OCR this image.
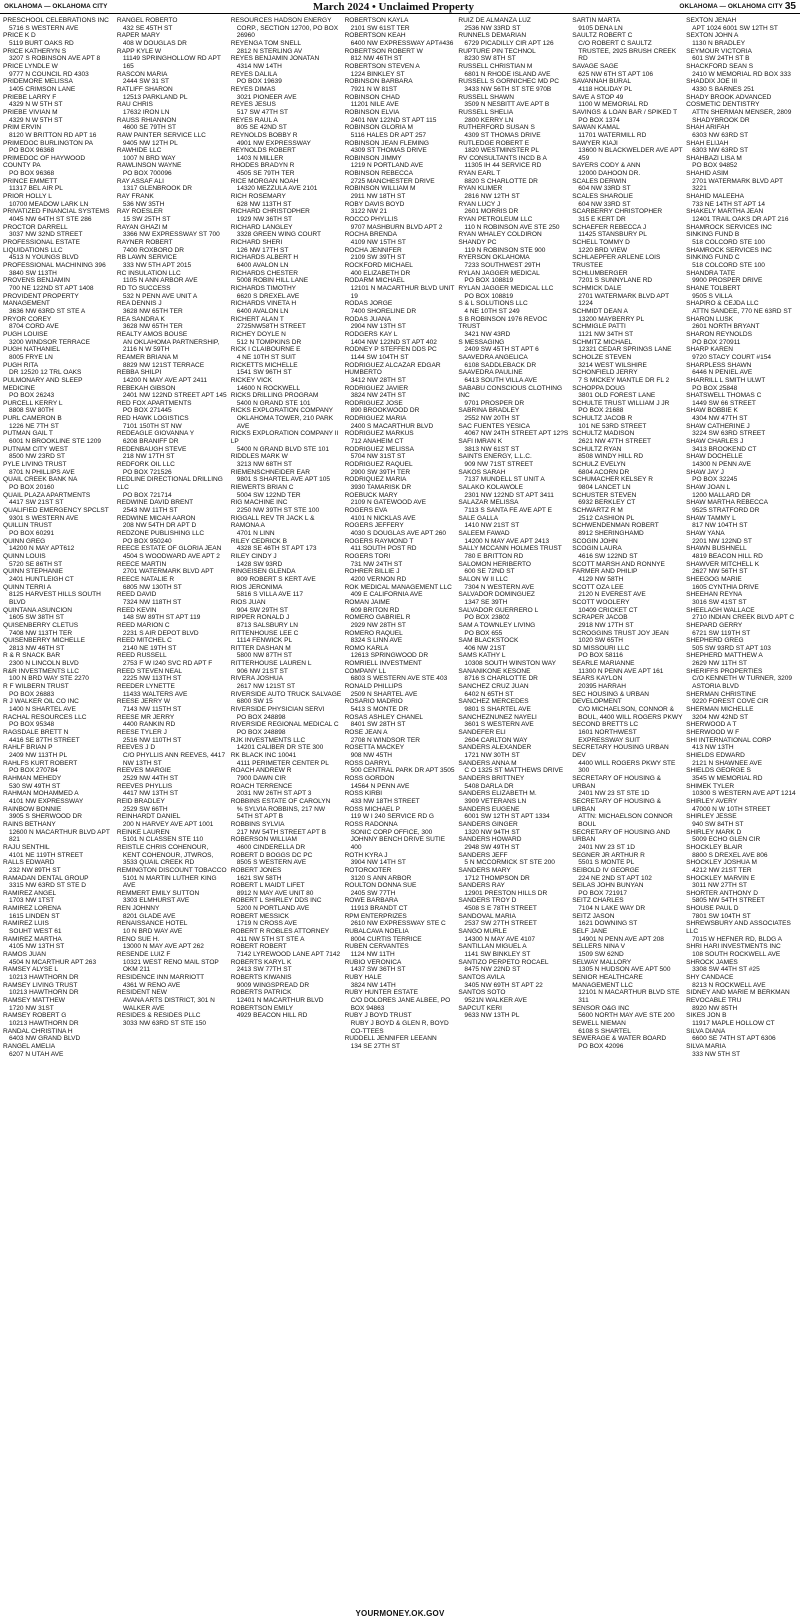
OKLAHOMA — OKLAHOMA CITY	March 2024 • Unclaimed Property	OKLAHOMA — OKLAHOMA CITY 35
PRESCHOOL CELEBRATIONS INC
5716 S WESTERN AVE
PRICE K D
5119 BURT OAKS RD
PRICE KATHERYN S
3207 S ROBINSON AVE APT 8
PRICE LYNDLE W
9777 N COUNCIL RD 4303
PRIDEMORE MELISSA
1405 CRIMSON LANE
PRIEBE LARRY F
4329 N W 5TH ST
PRIEBE VIVIAN M
4329 N W 5TH ST
PRIM ERVIN
8120 W BRITTON RD APT 16
PRIMEDOC BURLINGTON PA
PO BOX 96368
PRIMEDOC OF HAYWOOD COUNTY PA
PO BOX 96368
PRINCE EMMETT
11317 BEL AIR PL
PRIOR HOLLY L
10700 MEADOW LARK LN
PRIVATIZED FINANCIAL SYSTEMS
4045 NW 64TH ST STE 286
PROCTOR DARRELL
3037 NW 32ND STREET
PROFESSIONAL ESTATE LIQUIDATIONS LLC
4513 N YOUNGS BLVD
PROFESSIONAL MACHINING 396
3840 SW 113TH
PROVENS BENJAMIN
700 NE 122ND ST APT 1408
PROVIDENT PROPERTY MANAGEMENT
3636 NW 63RD ST STE A
PRYOR COREY
8704 CORD AVE
PUGH LOUISE
3200 WINDSOR TERRACE
PUGH NATHANIEL
8005 FRYE LN
PUGH RITA
DR 12520 12 TRL OAKS
PULMONARY AND SLEEP MEDICINE
PO BOX 26243
PURCELL KERRY L
8808 SW 80TH
PURL CAMERON B
1226 NE 7TH ST
PUTMAN GAIL T
6001 N BROOKLINE STE 1209
PUTNAM CITY WEST
8500 NW 23RD ST
PYLE LIVING TRUST
8701 N PHILLIPS AVE
QUAIL CREEK BANK NA
PO BOX 20160
QUAIL PLAZA APARTMENTS
4417 SW 21ST ST
QUALIFIED EMERGENCY SPCLST
9301 S WESTERN AVE
QUILLIN TRUST
PO BOX 60291
QUINN GREG
14200 N MAY APT612
QUINN LOUIS
5720 SE 86TH ST
QUINN STEPHANIE
2401 HUNTLEIGH CT
QUINN TERRI A
8125 HARVEST HILLS SOUTH BLVD
QUINTANA ASUNCION
1605 SW 38TH ST
QUISENBERRY CLETUS
7408 NW 113TH TER
QUISENBERRY MICHELLE
2813 NW 46TH ST
R & R SNACK BAR
2300 N LINCOLN BLVD
R&R INVESTMENTS LLC
100 N BRD WAY STE 2270
R F WILBERN TRUST
PO BOX 26883
R J WALKER OIL CO INC
1400 N SHARTEL AVE
RACHAL RESOURCES LLC
PO BOX 95348
RAGSDALE BRETT N
4416 SE 87TH STREET
RAHLF BRIAN P
2409 NW 113TH PL
RAHLFS KURT ROBERT
PO BOX 270784
RAHMAN MEHEDY
530 SW 49TH ST
RAHMAN MOHAMMED A
4101 NW EXPRESSWAY
RAINBOW BONNIE
3905 S SHERWOOD DR
RAINS BETHANY
12600 N MACARTHUR BLVD APT 821
RAJU SENTHIL
4101 NE 119TH STREET
RALLS EDWARD
232 NW 89TH ST
RAMADAN DENTAL GROUP
3315 NW 63RD ST STE D
RAMIREZ ANGEL
1703 NW 1TST
RAMIREZ LORENA
1615 LINDEN ST
RAMIREZ LUIS
SOUHT WEST 61
RAMIREZ MARTHA
4105 NW 13TH ST
RAMOS JUAN
4504 N MCARTHUR APT 263
RAMSEY ALYSE L
10213 HAWTHORN DR
RAMSEY LIVING TRUST
10213 HAWTHORN DR
RAMSEY MATTHEW
1720 NW 31ST
RAMSEY ROBERT G
10213 HAWTHORN DR
RANDAL CHRISTINA H
6403 NW GRAND BLVD
RANGEL AMELIA
6207 N UTAH AVE
RANGEL ROBERTO
432 SE 45TH ST
RAPER MARY
408 W DOUGLAS DR
RAPP KYLE W
11149 SPRINGHOLLOW RD APT 165
RASCON MARIA
2444 SW 31 ST
RATLIFF SHARON
12513 PARKLAND PL
RAU CHRIS
17632 IRON LN
RAUSS RHIANNON
4600 SE 79TH ST
RAW PAINTER SERVICE LLC
9405 NW 12TH PL
RAWHIDE LLC
1007 N BRD WAY
RAWLINSON WAYNE
PO BOX 700096
RAY ASSAF ALI
1317 GLENBROOK DR
RAY FRANK
536 NW 35TH
RAY ROESLER
15 SW 25TH ST
RAYAN GHAZI M
3366 NW EXPRESSWAY ST 700
RAYNER ROBERT
7400 ROXBORO DR
RB LAWN SERVICE
333 NW 5TH APT 2015
RC INSULATION LLC
1105 N ANN ARBOR AVE
RD TO SUCCESS
532 N PENN AVE UNIT A
REA DENNIS J
3628 NW 65TH TER
REA SANDRA K
3628 NW 65TH TER
REALTY AMOS BOUSE
AN OKLAHOMA PARTNERSHIP, 2116 N W 59TH
REAMER BRIANA M
8829 NW 121ST TERRACE
REBBA SHILPI
14200 N MAY AVE APT 2411
REBEKAH GIBSON
2401 NW 122ND STREET APT 145
RED FOX APARTMENTS
PO BOX 271445
RED HAWK LOGISTICS
7101 150TH ST NW
REDEAGLE GIOVANNA Y
6208 BRANIFF DR
REDENBAUGH STEVE
218 NW 17TH ST
REDFORK OIL LLC
PO BOX 721526
REDLINE DIRECTIONAL DRILLING LLC
PO BOX 721714
REDWINE DAVID BRENT
2543 NW 11TH ST
REDWINE MICAH AARON
208 NW 54TH DR APT D
REDZONE PUBLISHING LLC
PO BOX 950240
REECE ESTATE OF GLORIA JEAN
4504 S WOODWARD AVE APT 2
REECE MARTIN
2701 WATERMARK BLVD APT
REECE NATALIE R
6805 NW 130TH ST
REED DAVID
7324 NW 118TH ST
REED KEVIN
148 SW 89TH ST APT 119
REED MARION C
2231 S AIR DEPOT BLVD
REED MITCHEL C
2140 NE 19TH ST
REED RUSSELL
2753 F W I240 SVC RD APT F
REED STEVEN NEAL
2225 NW 113TH ST
REEDER LYNETTE
11433 WALTERS AVE
REESE JERRY W
7143 NW 115TH ST
REESE MR JERRY
4400 RANKIN RD
REESE TYLER J
2516 NW 110TH ST
REEVES J D
C/O PHYLLIS ANN REEVES, 4417 NW 13TH ST
REEVES MARGIE
2529 NW 44TH ST
REEVES PHYLLIS
4417 NW 13TH ST
REID BRADLEY
2529 SW 66TH
REINHARDT DANIEL
200 N HARVEY AVE APT 1001
REINKE LAUREN
5101 N CLASSEN STE 110
REISTLE CHRIS COHENOUR,
KENT COHENOUR, JTWROS, 3533 QUAIL CREEK RD
REMINGTON DISCOUNT TOBACCO
5101 N MARTIN LUTHER KING AVE
REMMERT EMILY SUTTON
3303 ELMHURST AVE
REN JOHNNY
8201 GLADE AVE
RENAISSANCE HOTEL
10 N BRD WAY AVE
RENO SUE H.
13000 N MAY AVE APT 262
RESENDE LUIZ F
10321 WEST RENO MAIL STOP OKM 211
RESIDENCE INN MARRIOTT
4361 W RENO AVE
RESIDENT NEW
AVANA ARTS DISTRICT, 301 N WALKER AVE
RESIDES & RESIDES PLLC
3033 NW 63RD ST STE 150
RESOURCES HADSON ENERGY
CORP., SECTION 12700, PO BOX 26960
REYENGA TOM SNELL
2812 N STERLING AV
REYES BENJAMIN JONATAN
4314 NW 14TH
REYES DALILA
PO BOX 19639
REYES DIMAS
3021 PIONEER AVE
REYES JESUS
517 SW 47TH ST
REYES RAUL A
805 SE 42ND ST
REYNOLDS BOBBY R
4901 NW EXPRESSWAY
REYNOLDS ROBERT
1403 N MILLER
RHODES BRADYN R
4505 SE 79TH TER
RICE MORGAN NOAH
14320 MEZZULA AVE 2101
RICH ROSEMARY
628 NW 113TH ST
RICHARD CHRISTOPHER
1929 NW 36TH ST
RICHARD LANGLEY
3328 GREEN WING COURT
RICHARD SHERI
126 NW 17TH ST
RICHARDS ALBERT H
6400 AVALON LN
RICHARDS CHESTER
5008 ROBIN HILL LANE
RICHARDS TIMOTHY
6620 S DREXEL AVE
RICHARDS VINETA H
6400 AVALON LN
RICHERT ALAN T
2725NW58TH STREET
RICHEY DOYLE N
512 N TOMPKINS DR
RICK I CLAIBOURNE E
4 NE 10TH ST SUIT
RICKETTS MICHELLE
1541 SW 96TH ST
RICKEY VICK
14600 N ROCKWELL
RICKS DRILLING PROGRAM
5400 N GRAND STE 101
RICKS EXPLORATION COMPANY
OKLAHOMA TOWER, 210 PARK AVE
RICKS EXPLORATION COMPANY II LP
5400 N GRAND BLVD STE 101
RIDDLES MARK W
3213 NW 68TH ST
RIEMENSCHNEIDER EAR
9801 S SHARTEL AVE APT 105
RIEWERTS BRIAN C
5004 SW 122ND TER
RIG MACHINE INC
2250 NW 39TH ST STE 100
RIGGALL REV TR JACK L & RAMONA A
4701 N LINN
RILEY CEDRICK B
4328 SE 46TH ST APT 173
RILEY CINDY J
1428 SW 93RD
RINGEISEN GLENDA
809 ROBERT S KERT AVE
RIOS JERONIMA
5816 S VILLA AVE 117
RIOS JUAN
904 SW 29TH ST
RIPPER RONALD J
8713 SALSBURY LN
RITTENHOUSE LEE C
1114 FENWICK PL
RITTER DASHAN M
5800 NW 87TH ST
RITTERHOUSE LAUREN L
906 NW 21ST ST
RIVERA JOSHUA
2617 NW 121ST ST
RIVERSIDE AUTO TRUCK SALVAGE
6800 SW 15
RIVERSIDE PHYSICIAN SERVI
PO BOX 248898
RIVERSIDE REGIONAL MEDICAL C
PO BOX 248898
RJK INVESTMENTS LLC
14201 CALIBER DR STE 300
RK BLACK INC 10041
4111 PERIMETER CENTER PL
ROACH ANDREW R
7900 DAWN CIR
ROACH TERRENCE
2031 NW 26TH ST APT 3
ROBBINS ESTATE OF CAROLYN
% SYLVIA ROBBINS, 217 NW 54TH ST APT B
ROBBINS SYLVIA
217 NW 54TH STREET APT B
ROBERSON WILLIAM
4600 CINDERELLA DR
ROBERT D BOGGS DC PC
8505 S WESTERN AVE
ROBERT JONES
1621 SW 58TH
ROBERT L MAIDT LIFET
8912 N MAY AVE UNIT 80
ROBERT L SHIRLEY DDS INC
5200 N PORTLAND AVE
ROBERT MESSICK
1719 N CROSS AVE
ROBERT R ROBLES ATTORNEY
411 NW 5TH ST STE A
ROBERT ROBERT
7142 LYREWOOD LANE APT 7142
ROBERTS KARYL K
2413 SW 77TH ST
ROBERTS KIWANIS
9009 WINGSPREAD DR
ROBERTS PATRICK
12401 N MACARTHUR BLVD
ROBERTSON EMILY
4929 BEACON HILL RD
ROBERTSON KAYLA
2101 SW 61ST TER
ROBERTSON KEAH
6400 NW EXPRESSWAY APT#436
ROBERTSON ROBERT W
812 NW 46TH ST
ROBERTSON STEVEN A
1224 BINKLEY ST
ROBINSON BARBARA
7921 N W 81ST
ROBINSON CHAD
11201 NILE AVE
ROBINSON ELVIA
2401 NW 122ND ST APT 115
ROBINSON GLORIA M
5116 HALES DR APT 257
ROBINSON JEAN FLEMING
4309 ST THOMAS DRIVE
ROBINSON JIMMY
1219 N PORTLAND AVE
ROBINSON REBECCA
2725 MANCHESTER DRIVE
ROBINSON WILLIAM M
2911 NW 18TH ST
ROBY DAVIS BOYD
3122 NW 21
ROCCO PHYLLIS
9707 MASHBURN BLVD APT 2
ROCHA BRENDA
4109 NW 15TH ST
ROCHA JENNIFER
2109 SW 39TH ST
ROCKFORD MICHAEL
400 ELIZABETH DR
RODARM MICHAEL
12101 N MACARTHUR BLVD UNIT 19
RODAS JORGE
7400 SHORELINE DR
RODAS JUANA
2904 NW 13TH ST
RODGERS KAY L
1404 NW 122ND ST APT 402
RODNEY P STEFFEN DDS PC
1144 SW 104TH ST
RODRIGUEZ ALCAZAR EDGAR HUMBERTO
3412 NW 28TH ST
RODRIGUEZ JAVIER
3824 NW 24TH ST
RODRIGUEZ JOSE
890 BROOKWOOD DR
RODRIGUEZ MARIA
2400 S MACARTHUR BLVD
RODRIGUEZ MARKUS
712 ANAHEIM CT
RODRIGUEZ MELISSA
5704 NW 31ST ST
RODRIGUEZ RAQUEL
2900 SW 39TH TER
RODRIQUEZ MARIA
3930 TAMARISK DR
ROEBUCK MARY
2109 N GATEWOOD AVE
ROGERS EVA
4101 N NICKLAS AVE
ROGERS JEFFERY
4030 S DOUGLAS AVE APT 260
ROGERS RAYMOND T
411 SOUTH POST RD
ROGERS TORI
731 NW 24TH ST
ROHRER BILLIE J
4200 VERNON RD
ROK MEDICAL MANAGEMENT LLC
409 E CALIFORNIA AVE
ROMAN JAIME
609 BRITON RD
ROMERO GABRIEL R
2929 NW 28TH ST
ROMERO RAQUEL
8324 S LINN AVE
ROMO KARLA
12613 SPRINGWOOD DR
ROMRIELL INVESTMENT COMPANY LL
6803 S WESTERN AVE STE 403
RONALD PHILLIPS
2509 N SHARTEL AVE
ROSARIO MADRIO
5413 S MONTE DR
ROSAS ASHLEY CHANEL
8401 SW 28TH ST
ROSE JEAN A
2708 N WINDSOR TER
ROSETTA MACKEY
908 NW 45TH
ROSS DARRYL
500 CENTRAL PARK DR APT 3505
ROSS GORDON
14564 N PENN AVE
ROSS KIRBI
433 NW 18TH STREET
ROSS MICHAEL P
119 W I 240 SERVICE RD G
ROSS RADONNA
SONIC CORP OFFICE, 300 JOHNNY BENCH DRIVE SUTIE 400
ROTH KYRA J
3904 NW 14TH ST
ROTOROOTER
3120 S ANN ARBOR
ROULTON DONNA SUE
2405 SW 77TH
ROWE BARBARA
11913 BRANDT CT
RPM ENTERPRIZES
2610 NW EXPRESSWAY STE C
RUBALCAVA NOELIA
8004 CURTIS TERRICE
RUBEN CERVANTES
1124 NW 11TH
RUBIO VERONICA
1437 SW 36TH ST
RUBY HALE
3824 NW 14TH
RUBY HUNTER ESTATE
C/O DOLORES JANE ALBEE, PO BOX 94863
RUBY J BOYD TRUST
RUBY J BOYD & GLEN R, BOYD CO-TTEES
RUDDELL JENNIFER LEEANN
134 SE 27TH ST
RUIZ DE ALMANZA LUZ
2536 NW 33RD ST
RUNNELS DEMARIAN
6729 PICADILLY CIR APT 126
RUPTURE PIN TECHNOL
8230 SW 8TH ST
RUSSELL CHRISTIAN M
6801 N RHODE ISLAND AVE
RUSSELL S GORNICHEC MD PC
3433 NW 56TH ST STE 970B
RUSSELL SHAWN
3509 N NESBITT AVE APT B
RUSSELL SHELIA
2800 KERRY LN
RUTHERFORD SUSAN S
4309 ST THOMAS DRIVE
RUTLEDGE ROBERT E
1820 WESTMINSTER PL
RV CONSULTANTS INCD B A
11305 IH 44 SERVICE RD
RYAN EARL T
8820 S CHARLOTTE DR
RYAN KLIMER
2816 NW 12TH ST
RYAN LUCY J
2601 MORRIS DR
RYAN PETROLEUM LLC
110 N ROBINSON AVE STE 250
RYAN WHALEY COLDIRON SHANDY PC
119 N ROBINSON STE 900
RYERSON OKLAHOMA
7233 SOUTHWEST 29TH
RYLAN JAGGER MEDICAL
PO BOX 108819
RYLAN JAGGER MEDICAL LLC
PO BOX 108819
S & L SOLUTIONS LLC
4 NE 10TH ST 249
S B ROBINSON 1976 REVOC TRUST
3421 NW 43RD
S MESSAGING
2409 SW 45TH ST APT 6
SAAVEDRA ANGELICA
6108 SADDLEBACK DR
SAAVEDRA PAULINE
6413 SOUTH VILLA AVE
SABABU CONSCIOUS CLOTHING INC
9701 PROSPER DR
SABRINA BRADLEY
2552 NW 20TH ST
SAC FUENTES YESICA
4067 NW 24TH STREET APT 12?S
SAFI IMRAN K
3813 NW 61ST ST
SAINTS ENERGY, L.L.C.
909 NW 71ST STREET
SAKOS SARAH
7137 MUNDELL ST UNIT A
SALAKO KOLAWOLE
2301 NW 122ND ST APT 3411
SALAZAR MELISSA
7113 S SANTA FE AVE APT E
SALE GALLA
1410 NW 21ST ST
SALEEM FAWAD
14200 N MAY AVE APT 2413
SALLY MCCANN HOLMES TRUST
780 E BRITTON RD
SALOMON HERIBERTO
600 SE 72ND ST
SALON W II LLC
7304 N WESTERN AVE
SALVADOR DOMINGUEZ
1347 SE 39TH
SALVADOR GUERRERO L
PO BOX 23802
SAM A TOWNLEY LIVING
PO BOX 655
SAM BLACKSTOCK
406 NW 21ST
SAMS KATHY L
10308 SOUTH WINSTON WAY
SANANIKONE KESONE
8716 S CHARLOTTE DR
SANCHEZ CRUZ JUAN
6402 N 65TH ST
SANCHEZ MERCEDES
9801 S SHARTEL AVE
SANCHEZNUNEZ NAYELI
3601 S WESTERN AVE
SANDEFER ELI
2604 CARLTON WAY
SANDERS ALEXANDER
1721 NW 30TH ST
SANDERS ANNA M
C O 1325 ST MATTHEWS DRIVE
SANDERS BRITTNEY
5408 DARLA DR
SANDERS ELIZABETH M.
3909 VETERANS LN
SANDERS EUGENE
6001 SW 12TH ST APT 1334
SANDERS GINGER
1320 NW 94TH ST
SANDERS HOWARD
2948 SW 49TH ST
SANDERS JEFF
5 N MCCORMICK ST STE 200
SANDERS MARY
1712 THOMPSON DR
SANDERS RAY
12901 PRESTON HILLS DR
SANDERS TROY D
4508 S E 78TH STREET
SANDOVAL MARIA
2537 SW 27TH STREET
SANGO MURLE
14300 N MAY AVE 4107
SANTILLAN MIGUEL A
1141 SW BINKLEY ST
SANTIZO PERPETO ROCAEL
8475 NW 22ND ST
SANTOS AVILA
3405 NW 69TH ST APT 22
SANTOS SOTO
9521N WALKER AVE
SAPCUT KERI
9633 NW 13TH PL
SARTIN MARTA
9105 DENA LN
SAULTZ ROBERT C
C/O ROBERT C SAULTZ TRUSTEE, 2925 BRUSH CREEK RD
SAVAGE SAGE
625 NW 6TH ST APT 106
SAVANNAH BURAL
4118 HOLIDAY PL
SAVE A STOP 49
1100 W MEMORIAL RD
SAVINGS & LOAN BAR / SPIKED T
PO BOX 1374
SAWAN KAMAL
11701 WATERMILL RD
SAWYER KIAJI
13600 N BLACKWELDER AVE APT 459
SAYERS CODY & ANN
12000 DAHOON DR.
SCALES DERWIN
604 NW 33RD ST
SCALES SHAROLIE
604 NW 33RD ST
SCARBERRY CHRISTOPHER
315 E KERT DR
SCHAEFER REBECCA J
11425 STANSBURY PL
SCHELL TOMMY D
1220 BRD VIEW
SCHLAEPFER ARLENE LOIS TRUSTEE
SCHLUMBERGER
7201 S SUNNYLANE RD
SCHMICK DALE
2701 WATERMARK BLVD APT 1224
SCHMIDT DEAN A
13200 MAYBERRY PL
SCHMIGLE PATTI
1121 NW 34TH ST
SCHMITZ MICHAEL
12321 CEDAR SPRINGS LANE
SCHOLZE STEVEN
3214 WEST WILSHIRE
SCHONFIELD JERRY
7 S MICKEY MANTLE DR FL 2
SCHOPPA DOUG
3801 OLD FOREST LANE
SCHULTE TRUST WILLIAM J JR
PO BOX 21688
SCHULTZ JACOB R
101 NE 53RD STREET
SCHULTZ MADISON
2621 NW 47TH STREET
SCHULTZ RYAN
8508 WINDY HILL RD
SCHULZ EVELYN
6804 ACORN DR
SCHUMACHER KELSEY R
9804 LANCET LN
SCHUSTER STEVEN
6932 BERKLEY CT
SCHWARTZ R M
2512 CASHION PL
SCHWENDENMAN ROBERT
8912 SHERINGHAMD
SCOGIN JOHN
SCOGIN LAURA
4616 SW 122ND ST
SCOTT MARSH AND RONNYE FARMER AND PHILIP
4129 NW 58TH
SCOTT OZA LEE
2120 N EVEREST AVE
SCOTT WOOLERY
10409 CRICKET CT
SCRAPER JACOB
2918 NW 17TH ST
SCROGGINS TRUST JOY JEAN
1020 SW 65TH
SD MISSOURI LLC
PO BOX 58116
SEARLE MARIANNE
11300 N PENN AVE APT 161
SEARS KAYLON
20395 HARRAH
SEC HOUSING & URBAN DEVELOPMENT
C/O MICHAELSON, CONNOR & BOUL, 4400 WILL ROGERS PKWY
SECOND BRETTS LC
1601 NORTHWEST EXPRESSWAY SUIT
SECRETARY HOUSING URBAN DEV
4400 WILL ROGERS PKWY STE 300
SECRETARY OF HOUSING & URBAN
2401 NW 23 ST STE 1D
SECRETARY OF HOUSING & URBAN
ATTN: MICHAELSON CONNOR BOUL
SECRETARY OF HOUSING AND URBAN
2401 NW 23 ST 1D
SEGNER JR ARTHUR R
5501 S MONTE PL
SEIBOLD IV GEORGE
224 NE 2ND ST APT 102
SEILAS JOHN BUNYAN
PO BOX 721917
SEITZ CHARLES
7104 N LAKE WAY DR
SEITZ JASON
1621 DOWNING ST
SELF JANE
14901 N PENN AVE APT 208
SELLERS NINA V
1509 SW 62ND
SELWAY MALLORY
1305 N HUDSON AVE APT 500
SENIOR HEALTHCARE MANAGEMENT LLC
12101 N MACARTHUR BLVD STE 311
SENSOR O&G INC
5600 NORTH MAY AVE STE 200
SEWELL NIEMAN
6108 S SHARTEL
SEWERAGE & WATER BOARD
PO BOX 42096
SEXTON JENAH
APT 1024 6001 SW 12TH ST
SEXTON JOHN A
1130 N BRADLEY
SEYMOUR VICTORIA
601 SW 24TH ST B
SHACKFORD SEAN S
2410 W MEMORIAL RD BOX 333
SHADDIX JOE III
4330 S BARNES 251
SHADY BROOK ADVANCED COSMETIC DENTISTRY
ATTN SHERMAN MENSER, 2809 SHADYBROOK DR
SHAH ARIFAH
6303 NW 63RD ST
SHAH ELIJAH
6303 NW 63RD ST
SHAHBAZI LISA M
PO BOX 94852
SHAHID ASIM
2701 WATERMARK BLVD APT 3221
SHAHID MALEEHA
733 NE 14TH ST APT 14
SHAKELY MARTHA JEAN
12401 TRAIL OAKS DR APT 216
SHAMROCK SERVICES INC SINKING FUND B
518 COLCORD STE 100
SHAMROCK SERVICES INC SINKING FUND C
518 COLCORD STE 100
SHANDRA TATE
9900 PROSPER DRIVE
SHANE TOLBERT
9505 S VILLA
SHAPIRO & CEJDA LLC
ATTN SANDEE, 770 NE 63RD ST
SHARON LUSK
2601 NORTH BRYANT
SHARON REYNOLDS
PO BOX 270911
SHARP KAREN
9720 STACY COURT #154
SHARPLESS SHAWN
6446 N PENIEL AVE
SHARRILL L SMITH ULWT
PO BOX 25848
SHATSWELL THOMAS C
1449 SW 66 STREET
SHAW BOBBIE K
4304 NW 47TH ST
SHAW CATHERINE J
3224 SW 63RD STREET
SHAW CHARLES J
3413 BROOKEND CT
SHAW DOCHELLE
14300 N PENN AVE
SHAW JAY J
PO BOX 32245
SHAW JOAN L
1200 MALLARD DR
SHAW MARTHA REBECCA
9525 STRATFORD DR
SHAW TAMMY L
817 NW 104TH ST
SHAW YANA
2201 NW 122ND ST
SHAWN BUSHNELL
4819 BEACON HILL RD
SHAWVER MITCHELL K
2627 NW 56TH ST
SHEEGOG MARIE
1605 CYNTHIA DRIVE
SHEEHAN REYNA
3016 SW 41ST ST
SHEELAGH WALLACE
2710 INDIAN CREEK BLVD APT C
SHEPARD GERRY
6721 SW 119TH ST
SHEPHERD GREG
505 SW 93RD ST APT 103
SHEPHERD MATTHEW A
2629 NW 11TH ST
SHERIFFS PROPERTIES
C/O KENNETH W TURNER, 3209 ASTORIA BLVD
SHERMAN CHRISTINE
9220 FOREST COVE CIR
SHERMAN MICHELLE
3204 NW 42ND ST
SHERWOOD A T
SHERWOOD W F
SHI INTERNATIONAL CORP
413 NW 13TH
SHIELDS EDWARD
2121 N SHAWNEE AVE
SHIELDS GEORGE S
3545 W MEMORIAL RD
SHIMEK TYLER
10300 S WESTERN AVE APT 1214
SHIRLEY AVERY
47000 N W 10TH STREET
SHIRLEY JESSE
940 SW 84TH ST
SHIRLEY MARK D
5009 ECHO GLEN CIR
SHOCKLEY BLAIR
8800 S DREXEL AVE 806
SHOCKLEY JOSHUA M
4212 NW 21ST TER
SHOCKLEY MARVIN E
3011 NW 27TH ST
SHORTER ANTHONY D
5805 NW 54TH STREET
SHOUSE PAUL D
7801 SW 104TH ST
SHREWSBURY AND ASSOCIATES LLC
7015 W HEFNER RD, BLDG A
SHRI HARI INVESTMENTS INC
108 SOUTH ROCKWELL AVE
SHROCK JAMES
3308 SW 44TH ST #25
SHY CANDACE
8213 N ROCKWELL AVE
SIDNEY AND MARIE M BERKMAN REVOCABLE TRU
8920 NW 85TH
SIKES JON B
11917 MAPLE HOLLOW CT
SILVA DIANA
6600 SE 74TH ST APT 6306
SILVA MARIA
333 NW 5TH ST
YOURMONEY.OK.GOV
